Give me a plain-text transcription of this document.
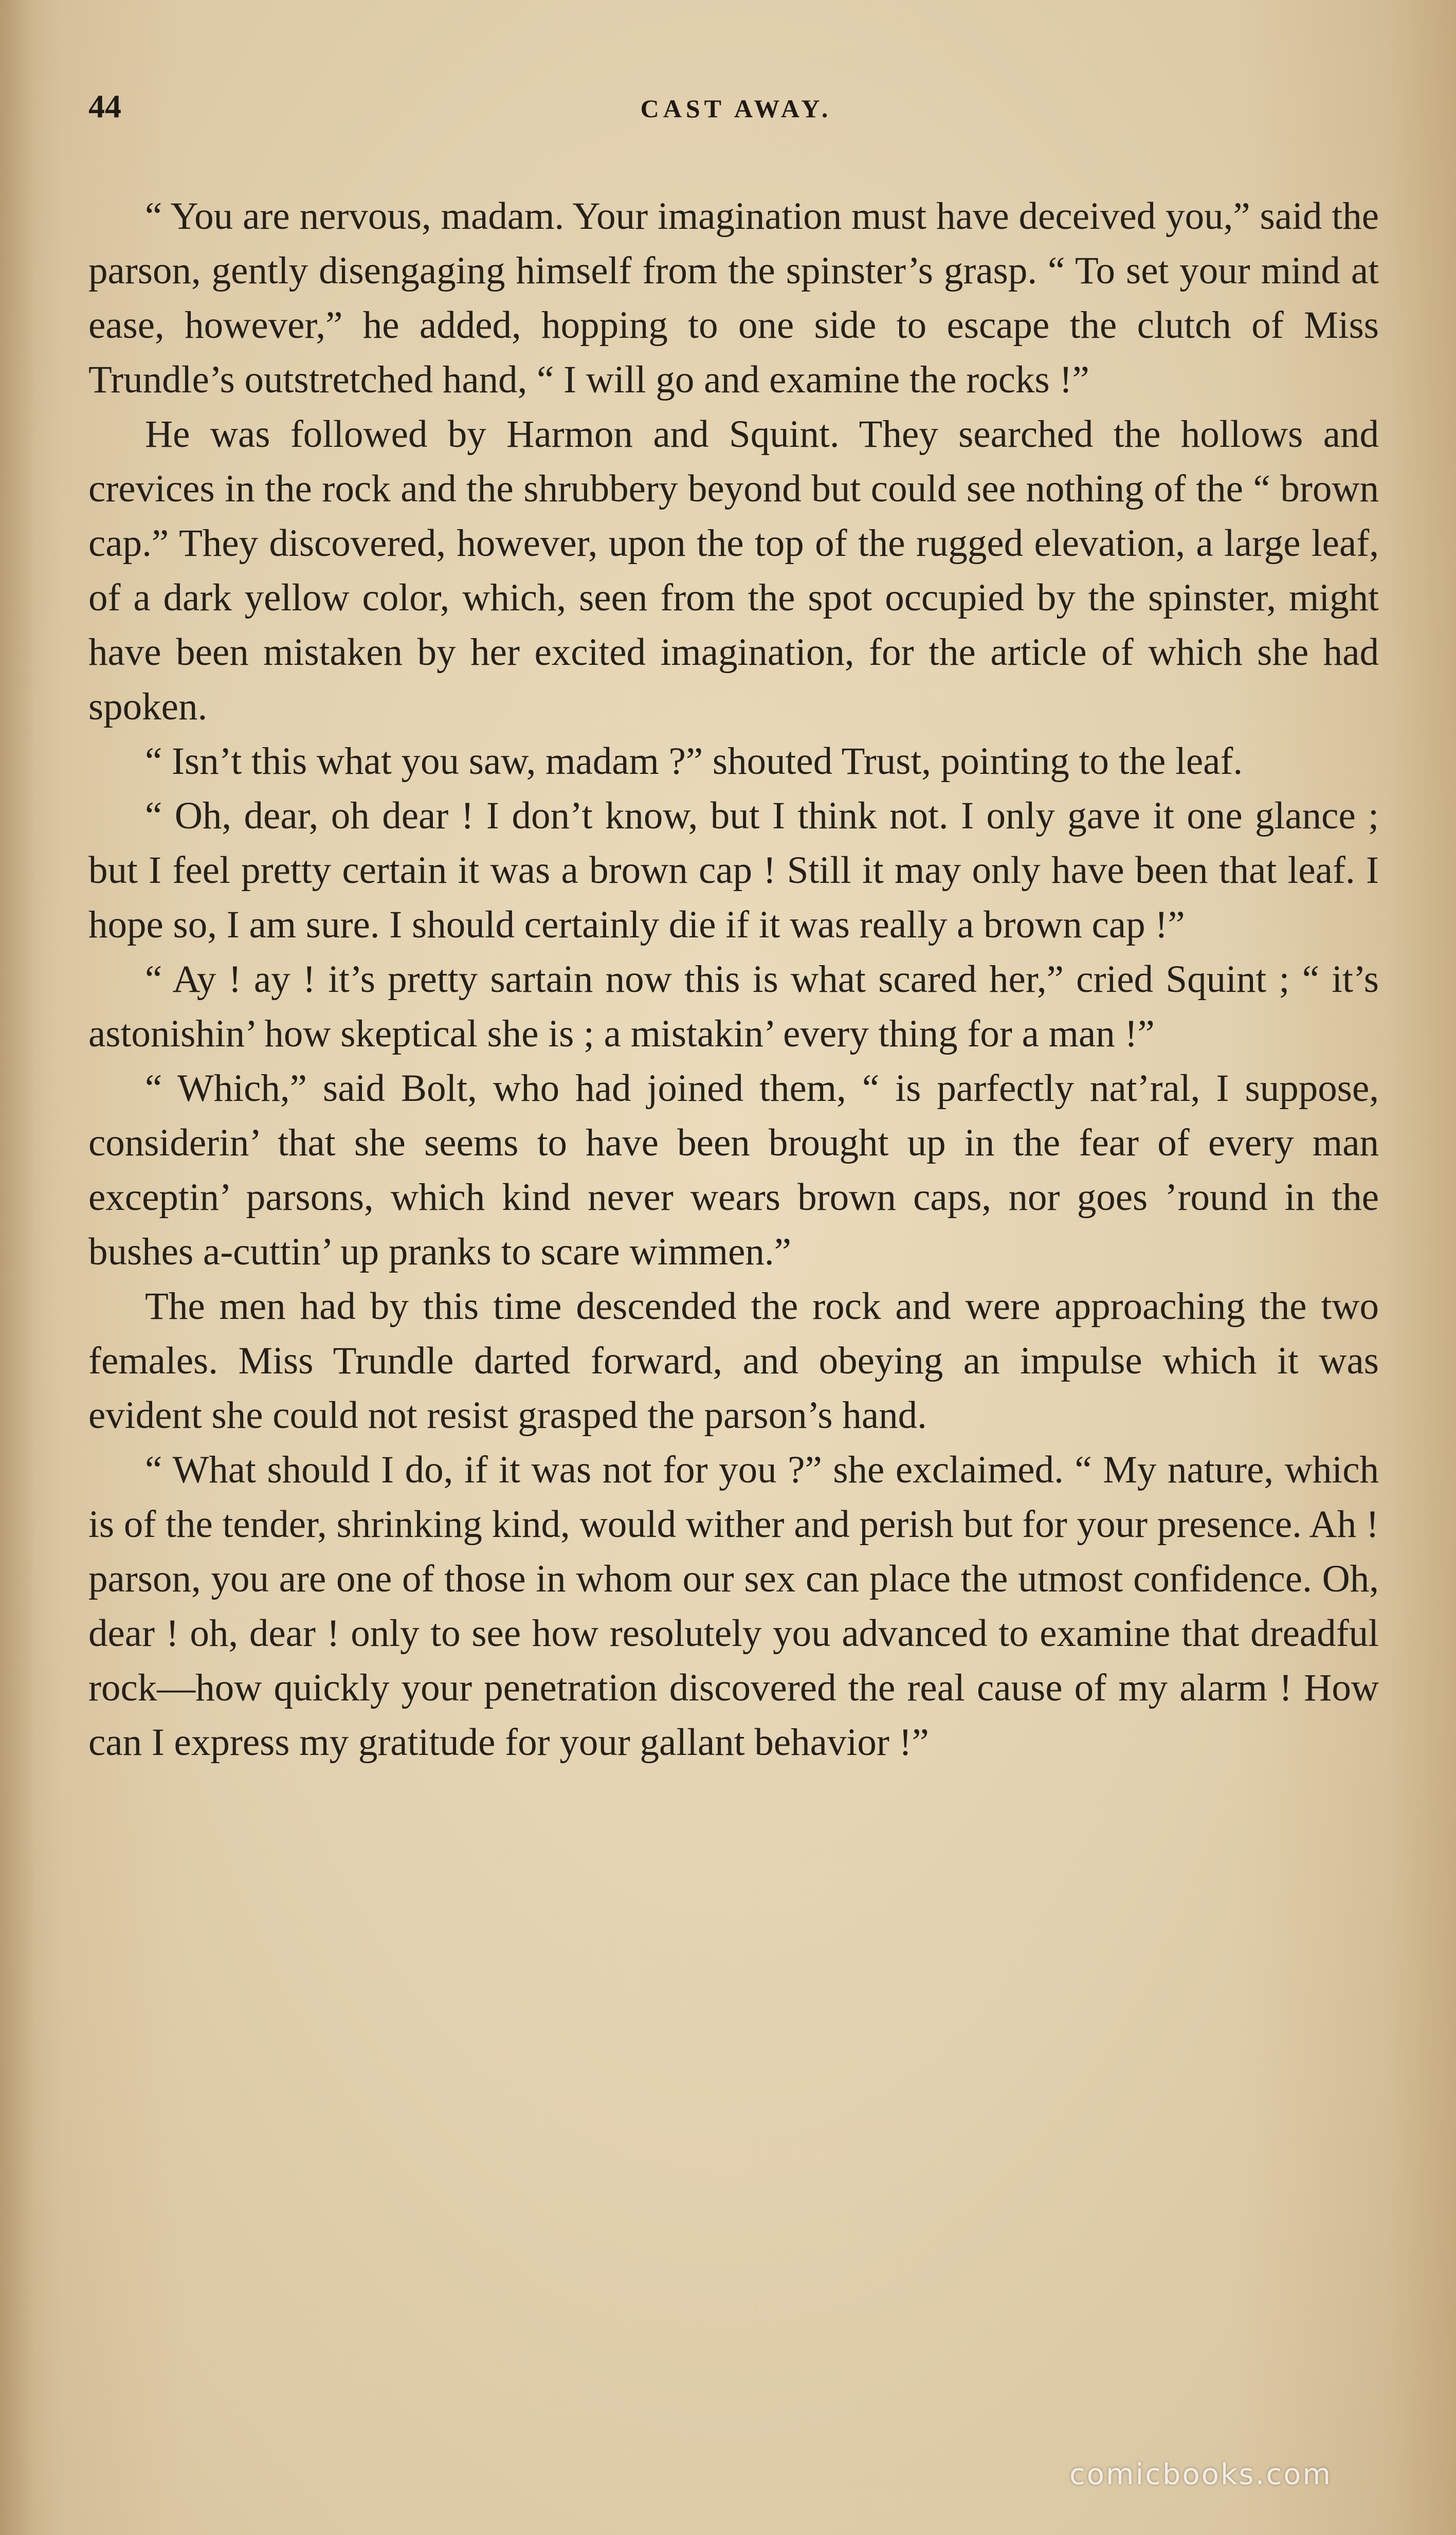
44	CAST AWAY.

“ You are nervous, madam. Your imagination must have deceived you,” said the parson, gently disengaging himself from the spinster’s grasp. “ To set your mind at ease, however,” he added, hopping to one side to escape the clutch of Miss Trundle’s outstretched hand, “ I will go and examine the rocks !”

He was followed by Harmon and Squint. They searched the hollows and crevices in the rock and the shrubbery beyond but could see nothing of the “ brown cap.” They discovered, however, upon the top of the rugged elevation, a large leaf, of a dark yellow color, which, seen from the spot occupied by the spinster, might have been mistaken by her excited imagination, for the article of which she had spoken.

“ Isn’t this what you saw, madam ?” shouted Trust, pointing to the leaf.

“ Oh, dear, oh dear ! I don’t know, but I think not. I only gave it one glance ; but I feel pretty certain it was a brown cap ! Still it may only have been that leaf. I hope so, I am sure. I should certainly die if it was really a brown cap !”

“ Ay ! ay ! it’s pretty sartain now this is what scared her,” cried Squint ; “ it’s astonishin’ how skeptical she is ; a mistakin’ every thing for a man !”

“ Which,” said Bolt, who had joined them, “ is parfectly nat’ral, I suppose, considerin’ that she seems to have been brought up in the fear of every man exceptin’ parsons, which kind never wears brown caps, nor goes ’round in the bushes a-cuttin’ up pranks to scare wimmen.”

The men had by this time descended the rock and were approaching the two females. Miss Trundle darted forward, and obeying an impulse which it was evident she could not resist grasped the parson’s hand.

“ What should I do, if it was not for you ?” she exclaimed. “ My nature, which is of the tender, shrinking kind, would wither and perish but for your presence. Ah ! parson, you are one of those in whom our sex can place the utmost confidence. Oh, dear ! oh, dear ! only to see how resolutely you advanced to examine that dreadful rock—how quickly your penetration discovered the real cause of my alarm ! How can I express my gratitude for your gallant behavior !”

comicbooks.com
